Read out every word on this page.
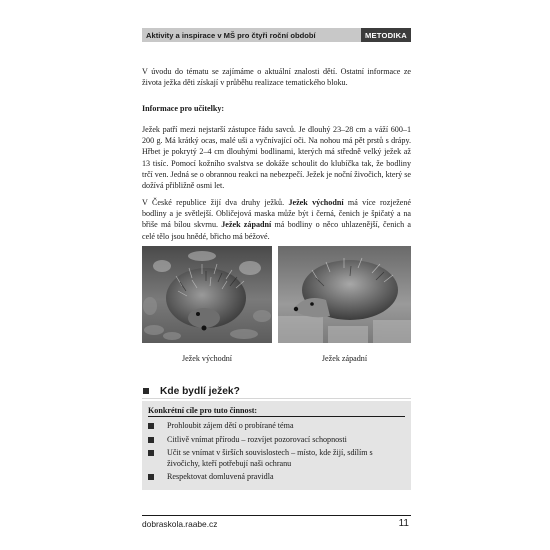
Aktivity a inspirace v MŠ pro čtyři roční období	METODIKA

V úvodu do tématu se zajímáme o aktuální znalosti dětí. Ostatní informace ze života ježka děti získají v průběhu realizace tematického bloku.

Informace pro učitelky:

Ježek patří mezi nejstarší zástupce řádu savců. Je dlouhý 23–28 cm a váží 600–1 200 g. Má krátký ocas, malé uši a vyčnívající oči. Na nohou má pět prstů s drápy. Hřbet je pokrytý 2–4 cm dlouhými bodlinami, kterých má středně velký ježek až 13 tisíc. Pomocí kožního svalstva se dokáže schoulit do klubíčka tak, že bodliny trčí ven. Jedná se o obrannou reakci na nebezpečí. Ježek je noční živočich, který se dožívá přibližně osmi let.

V České republice žijí dva druhy ježků. Ježek východní má více rozježené bodliny a je světlejší. Obličejová maska může být i černá, čenich je špičatý a na břiše má bílou skvrnu. Ježek západní má bodliny o něco uhlazenější, čenich a celé tělo jsou hnědé, břicho má béžové.

Ježek východní	Ježek západní
Kde bydlí ježek?
Konkrétní cíle pro tuto činnost:
Prohloubit zájem dětí o probírané téma
Citlivě vnímat přírodu – rozvíjet pozorovací schopnosti
Učit se vnímat v širších souvislostech – místo, kde žijí, sdílím s živočichy, kteří potřebují naši ochranu
Respektovat domluvená pravidla
dobraskola.raabe.cz	11
